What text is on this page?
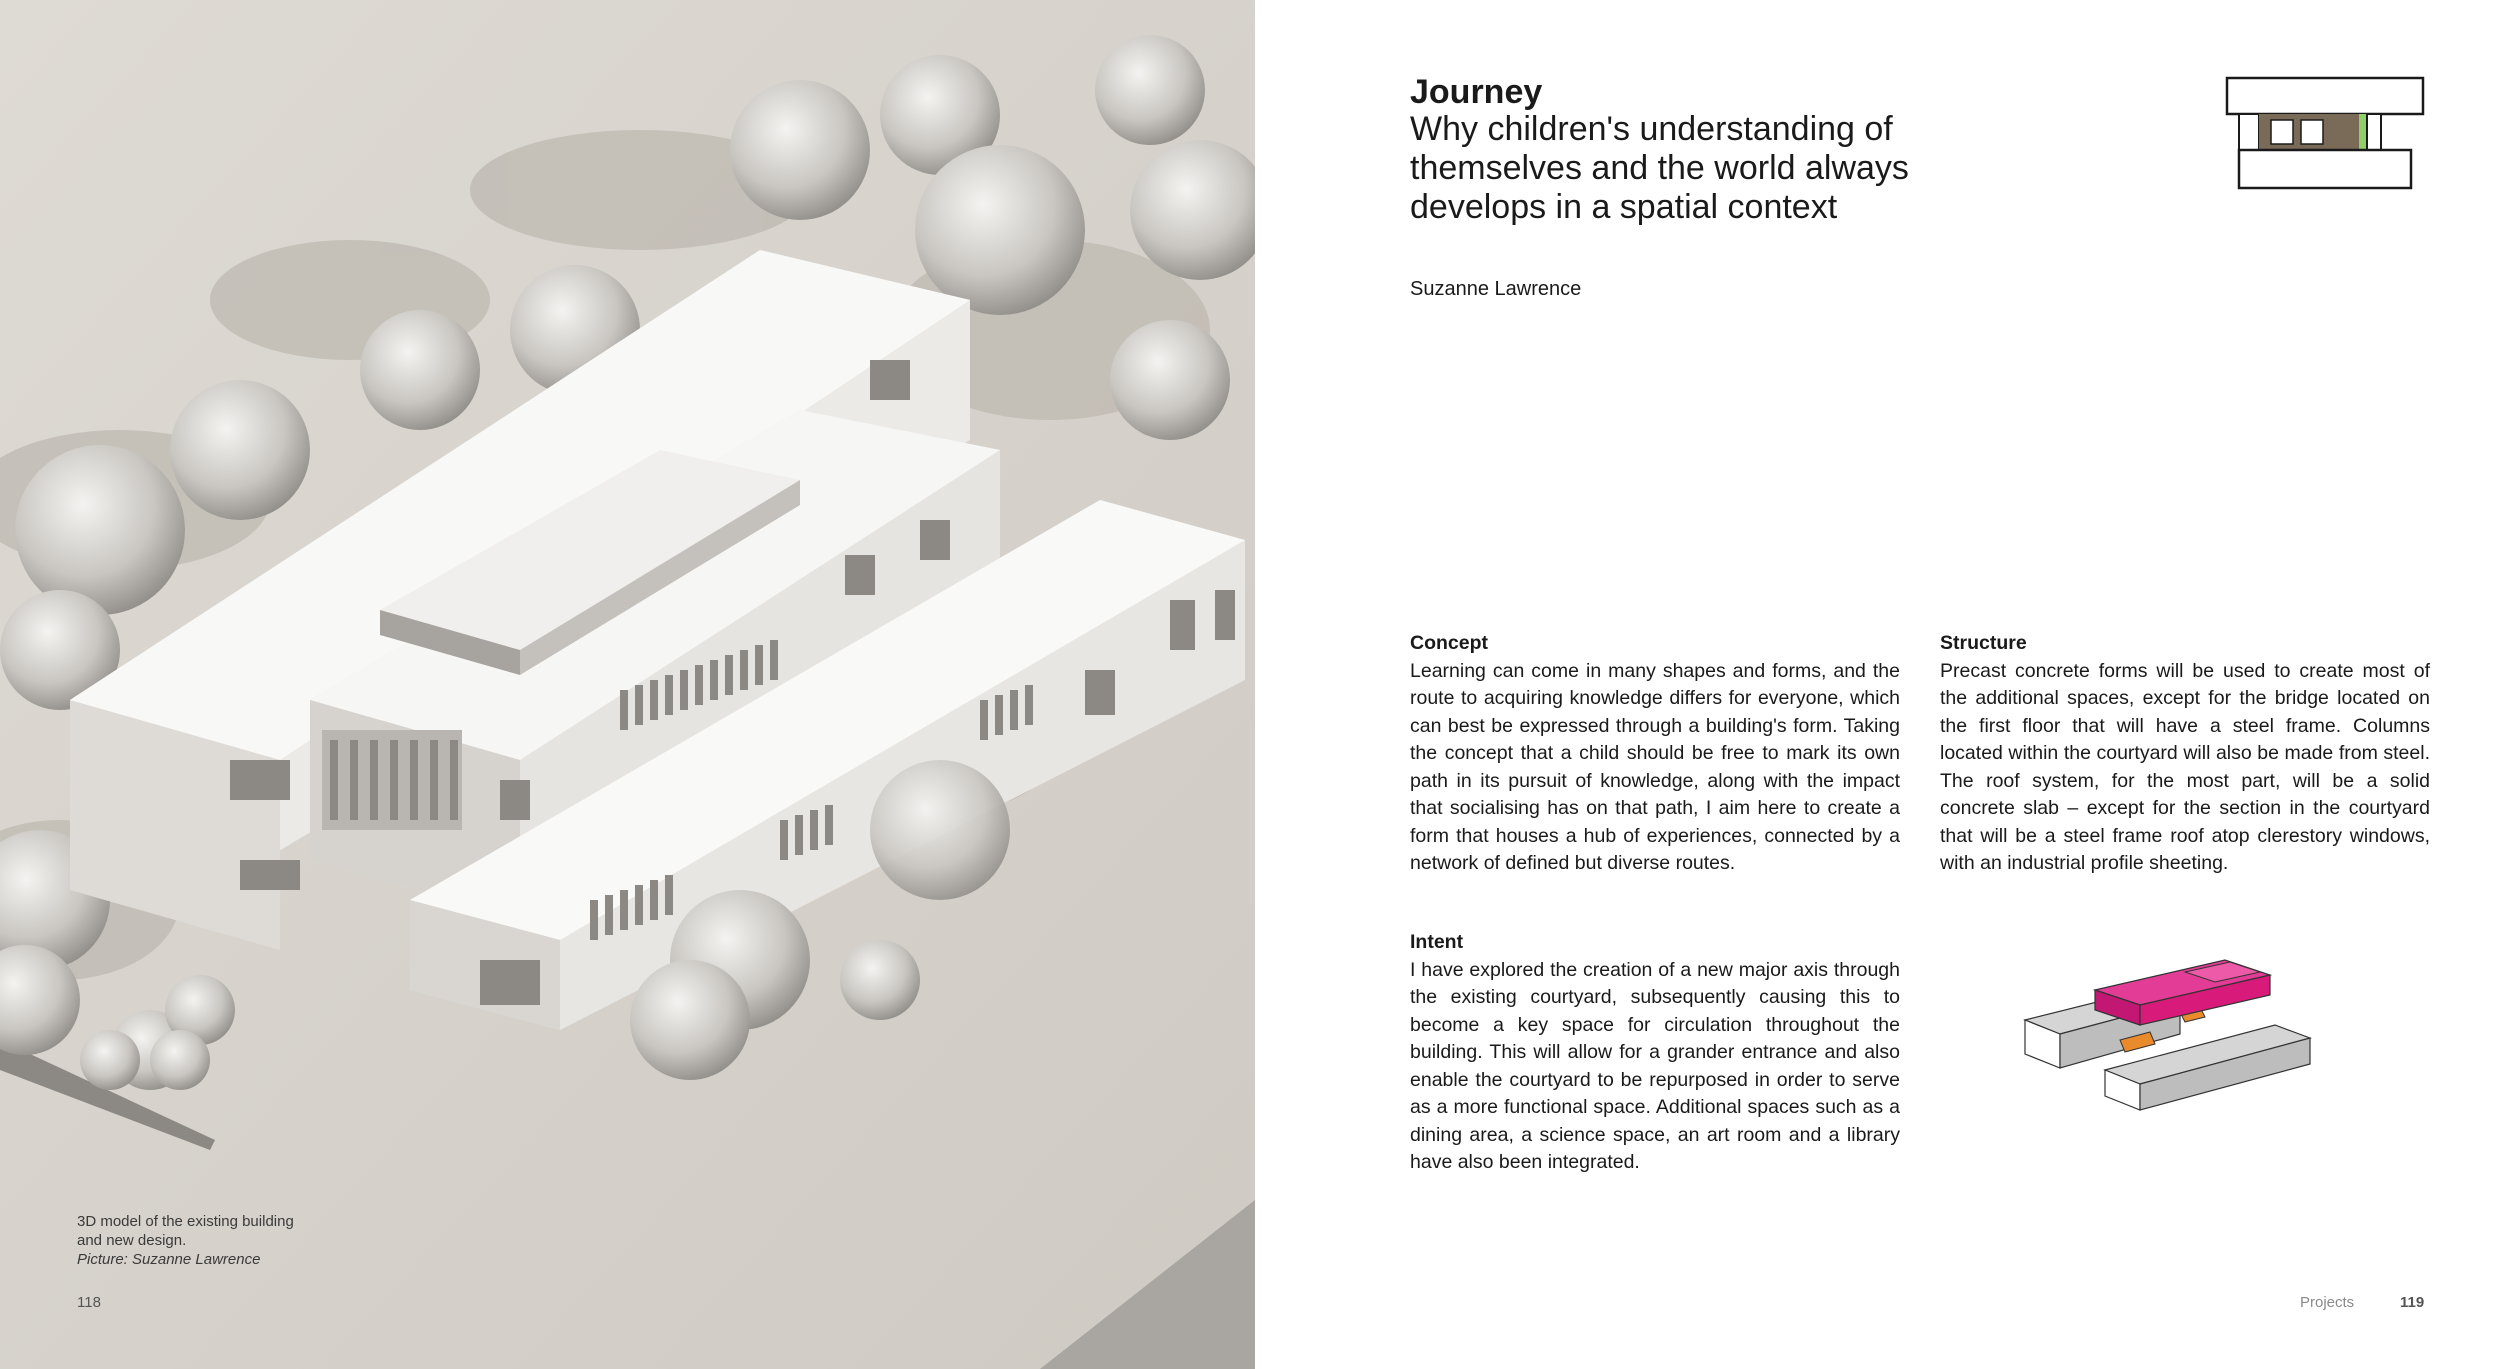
3D model of the existing building
and new design.
Picture: Suzanne Lawrence
118
Journey
Why children's understanding of themselves and the world always develops in a spatial context
Suzanne Lawrence
Concept

Learning can come in many shapes and forms, and the route to acquiring knowledge differs for everyone, which can best be expressed through a building's form. Taking the concept that a child should be free to mark its own path in its pursuit of knowledge, along with the impact that socialising has on that path, I aim here to create a form that houses a hub of experiences, connected by a network of defined but diverse routes.

Intent

I have explored the creation of a new major axis through the existing courtyard, subsequently causing this to become a key space for circulation throughout the building. This will allow for a grander entrance and also enable the courtyard to be repurposed in order to serve as a more functional space. Additional spaces such as a dining area, a science space, an art room and a library have also been integrated.

Structure

Precast concrete forms will be used to create most of the additional spaces, except for the bridge located on the first floor that will have a steel frame. Columns located within the courtyard will also be made from steel. The roof system, for the most part, will be a solid concrete slab – except for the section in the courtyard that will be a steel frame roof atop clerestory windows, with an industrial profile sheeting.

Projects	119
